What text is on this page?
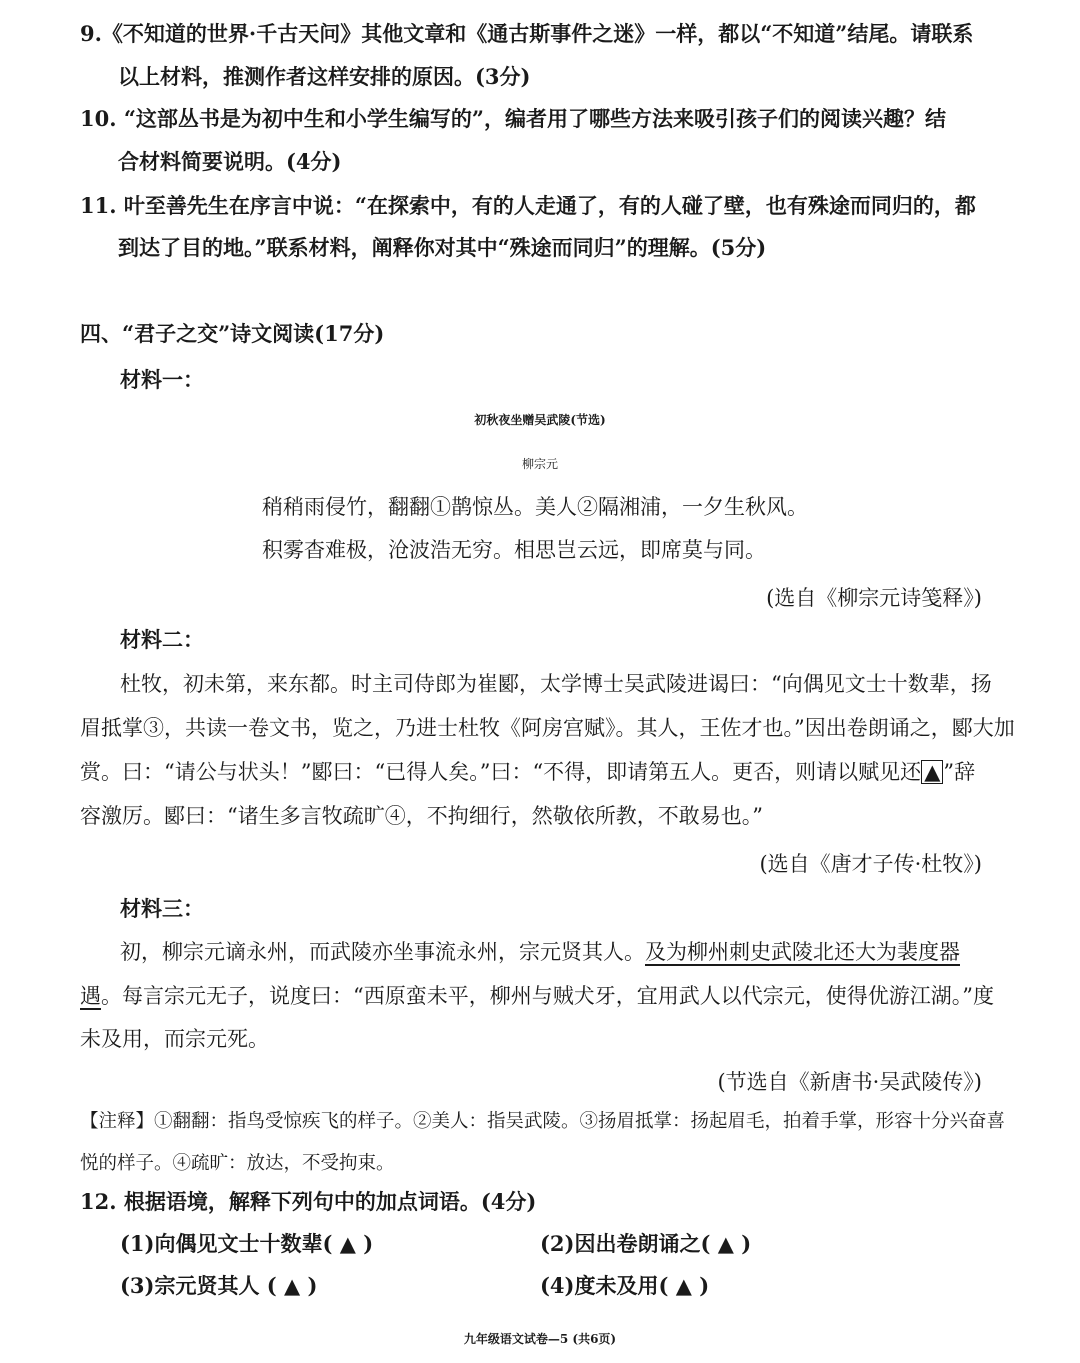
9.《不知道的世界·千古天问》其他文章和《通古斯事件之迷》一样，都以“不知道”结尾。请联系
以上材料，推测作者这样安排的原因。(3分)
10. “这部丛书是为初中生和小学生编写的”，编者用了哪些方法来吸引孩子们的阅读兴趣？结
合材料简要说明。(4分)
11. 叶至善先生在序言中说：“在探索中，有的人走通了，有的人碰了壁，也有殊途而同归的，都
到达了目的地。”联系材料，阐释你对其中“殊途而同归”的理解。(5分)
四、“君子之交”诗文阅读(17分)
材料一：
初秋夜坐赠吴武陵(节选)
柳宗元
稍稍雨侵竹，翻翻①鹊惊丛。美人②隔湘浦，一夕生秋风。
积雾杳难极，沧波浩无穷。相思岂云远，即席莫与同。
(选自《柳宗元诗笺释》)
材料二：
杜牧，初未第，来东都。时主司侍郎为崔郾，太学博士吴武陵进谒曰：“向偶见文士十数辈，扬
眉抵掌③，共读一卷文书，览之，乃进士杜牧《阿房宫赋》。其人，王佐才也。”因出卷朗诵之，郾大加
赏。曰：“请公与状头！”郾曰：“已得人矣。”曰：“不得，即请第五人。更否，则请以赋见还 ▲ ”辞
容激厉。郾曰：“诸生多言牧疏旷④，不拘细行，然敬依所教，不敢易也。”
(选自《唐才子传·杜牧》)
材料三：
初，柳宗元谪永州，而武陵亦坐事流永州，宗元贤其人。及为柳州刺史武陵北还大为裴度器
遇。每言宗元无子，说度曰：“西原蛮未平，柳州与贼犬牙，宜用武人以代宗元，使得优游江湖。”度
未及用，而宗元死。
(节选自《新唐书·吴武陵传》)
【注释】①翻翻：指鸟受惊疾飞的样子。②美人：指吴武陵。③扬眉抵掌：扬起眉毛，拍着手掌，形容十分兴奋喜
悦的样子。④疏旷：放达，不受拘束。
12. 根据语境，解释下列句中的加点词语。(4分)
(1)向偶见文士十数辈( ▲ )	(2)因出卷朗诵之( ▲ )
(3)宗元贤其人 ( ▲ )	(4)度未及用( ▲ )
九年级语文试卷—5 (共6页)
